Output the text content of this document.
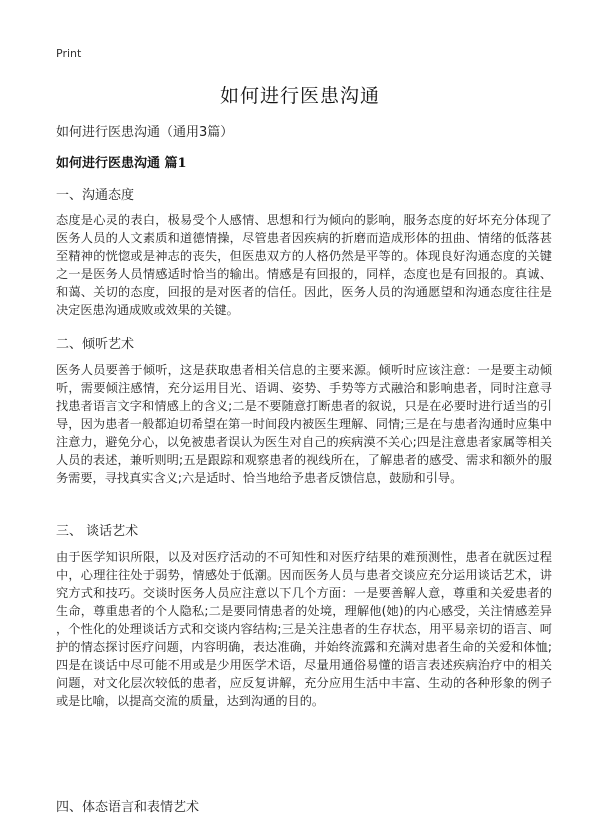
Print
如何进行医患沟通
如何进行医患沟通（通用3篇）
如何进行医患沟通 篇1
一、沟通态度
态度是心灵的表白，极易受个人感情、思想和行为倾向的影响，服务态度的好坏充分体现了医务人员的人文素质和道德情操，尽管患者因疾病的折磨而造成形体的扭曲、情绪的低落甚至精神的恍惚或是神志的丧失，但医患双方的人格仍然是平等的。体现良好沟通态度的关键之一是医务人员情感适时恰当的输出。情感是有回报的，同样，态度也是有回报的。真诚、和蔼、关切的态度，回报的是对医者的信任。因此，医务人员的沟通愿望和沟通态度往往是决定医患沟通成败或效果的关键。
二、倾听艺术
医务人员要善于倾听，这是获取患者相关信息的主要来源。倾听时应该注意：一是要主动倾听，需要倾注感情，充分运用目光、语调、姿势、手势等方式融洽和影响患者，同时注意寻找患者语言文字和情感上的含义;二是不要随意打断患者的叙说，只是在必要时进行适当的引导，因为患者一般都迫切希望在第一时间段内被医生理解、同情;三是在与患者沟通时应集中注意力，避免分心，以免被患者误认为医生对自己的疾病漠不关心;四是注意患者家属等相关人员的表述，兼听则明;五是跟踪和观察患者的视线所在，了解患者的感受、需求和额外的服务需要，寻找真实含义;六是适时、恰当地给予患者反馈信息，鼓励和引导。
三、 谈话艺术
由于医学知识所限，以及对医疗活动的不可知性和对医疗结果的难预测性，患者在就医过程中，心理往往处于弱势，情感处于低潮。因而医务人员与患者交谈应充分运用谈话艺术，讲究方式和技巧。交谈时医务人员应注意以下几个方面：一是要善解人意，尊重和关爱患者的生命，尊重患者的个人隐私;二是要同情患者的处境，理解他(她)的内心感受，关注情感差异，个性化的处理谈话方式和交谈内容结构;三是关注患者的生存状态，用平易亲切的语言、呵护的情态探讨医疗问题，内容明确，表达准确，并始终流露和充满对患者生命的关爱和体恤;四是在谈话中尽可能不用或是少用医学术语，尽量用通俗易懂的语言表述疾病治疗中的相关问题，对文化层次较低的患者，应反复讲解，充分应用生活中丰富、生动的各种形象的例子或是比喻，以提高交流的质量，达到沟通的目的。
四、体态语言和表情艺术
